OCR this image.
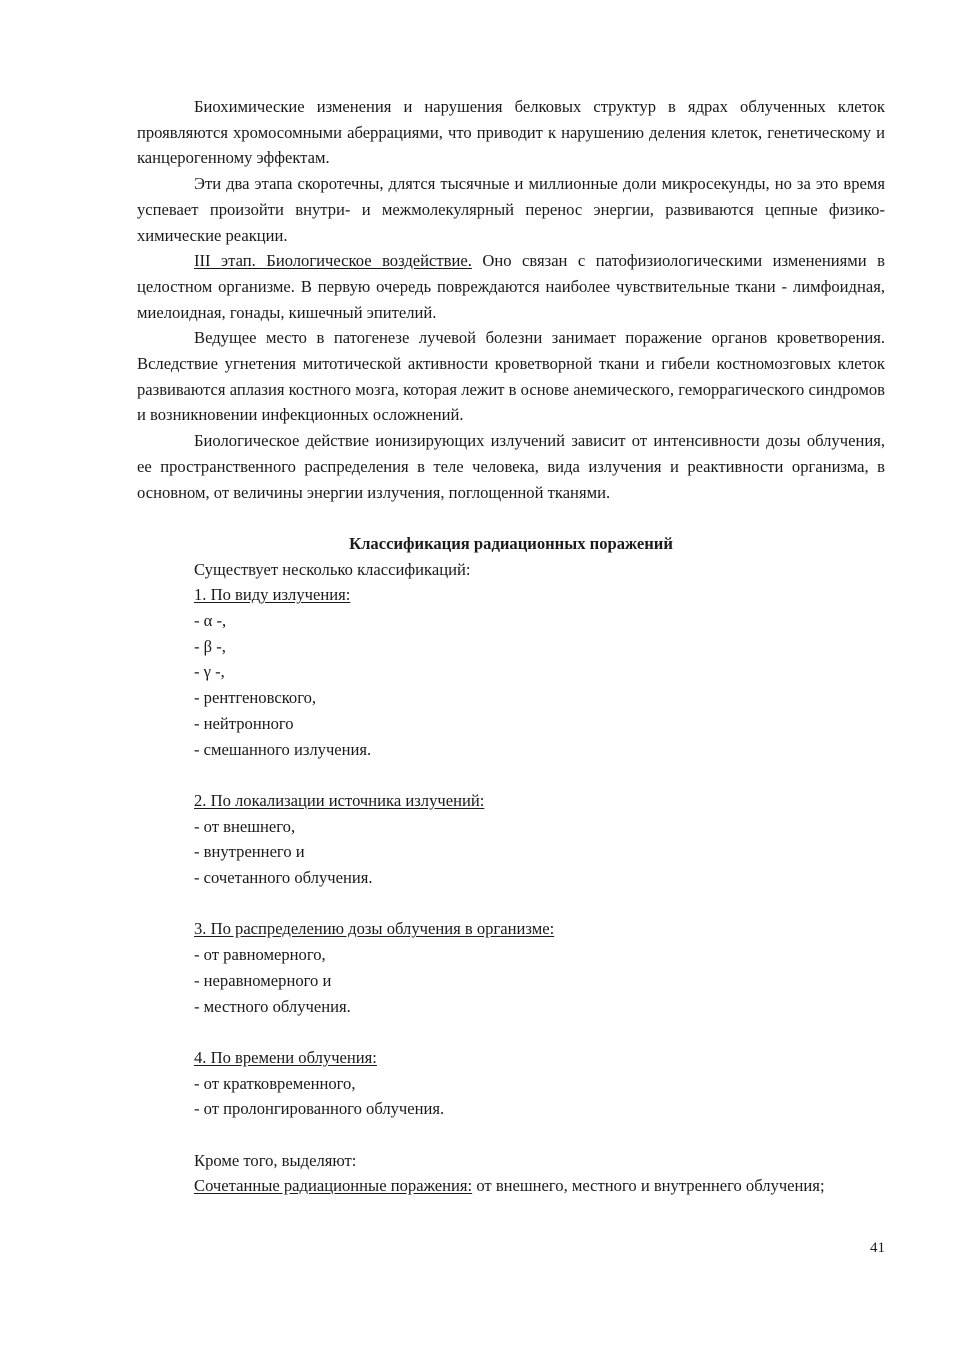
Биохимические изменения и нарушения белковых структур в ядрах облученных клеток проявляются хромосомными аберрациями, что приводит к нарушению деления клеток, генетическому и канцерогенному эффектам.

Эти два этапа скоротечны, длятся тысячные и миллионные доли микросекунды, но за это время успевает произойти внутри- и межмолекулярный перенос энергии, развиваются цепные физико-химические реакции.

III этап. Биологическое воздействие. Оно связан с патофизиологическими изменениями в целостном организме. В первую очередь повреждаются наиболее чувствительные ткани - лимфоидная, миелоидная, гонады, кишечный эпителий.

Ведущее место в патогенезе лучевой болезни занимает поражение органов кроветворения. Вследствие угнетения митотической активности кроветворной ткани и гибели костномозговых клеток развиваются аплазия костного мозга, которая лежит в основе анемического, геморрагического синдромов и возникновении инфекционных осложнений.

Биологическое действие ионизирующих излучений зависит от интенсивности дозы облучения, ее пространственного распределения в теле человека, вида излучения и реактивности организма, в основном, от величины энергии излучения, поглощенной тканями.

Классификация радиационных поражений

Существует несколько классификаций:

1. По виду излучения:

- α -,

- β -,

- γ -,

- рентгеновского,

- нейтронного

- смешанного излучения.

2. По локализации источника излучений:

- от внешнего,

- внутреннего и

- сочетанного облучения.

3. По распределению дозы облучения в организме:

- от равномерного,

- неравномерного и

- местного облучения.

4. По времени облучения:

- от кратковременного,

- от пролонгированного облучения.

Кроме того, выделяют:

Сочетанные радиационные поражения: от внешнего, местного и внутреннего облучения;

41
